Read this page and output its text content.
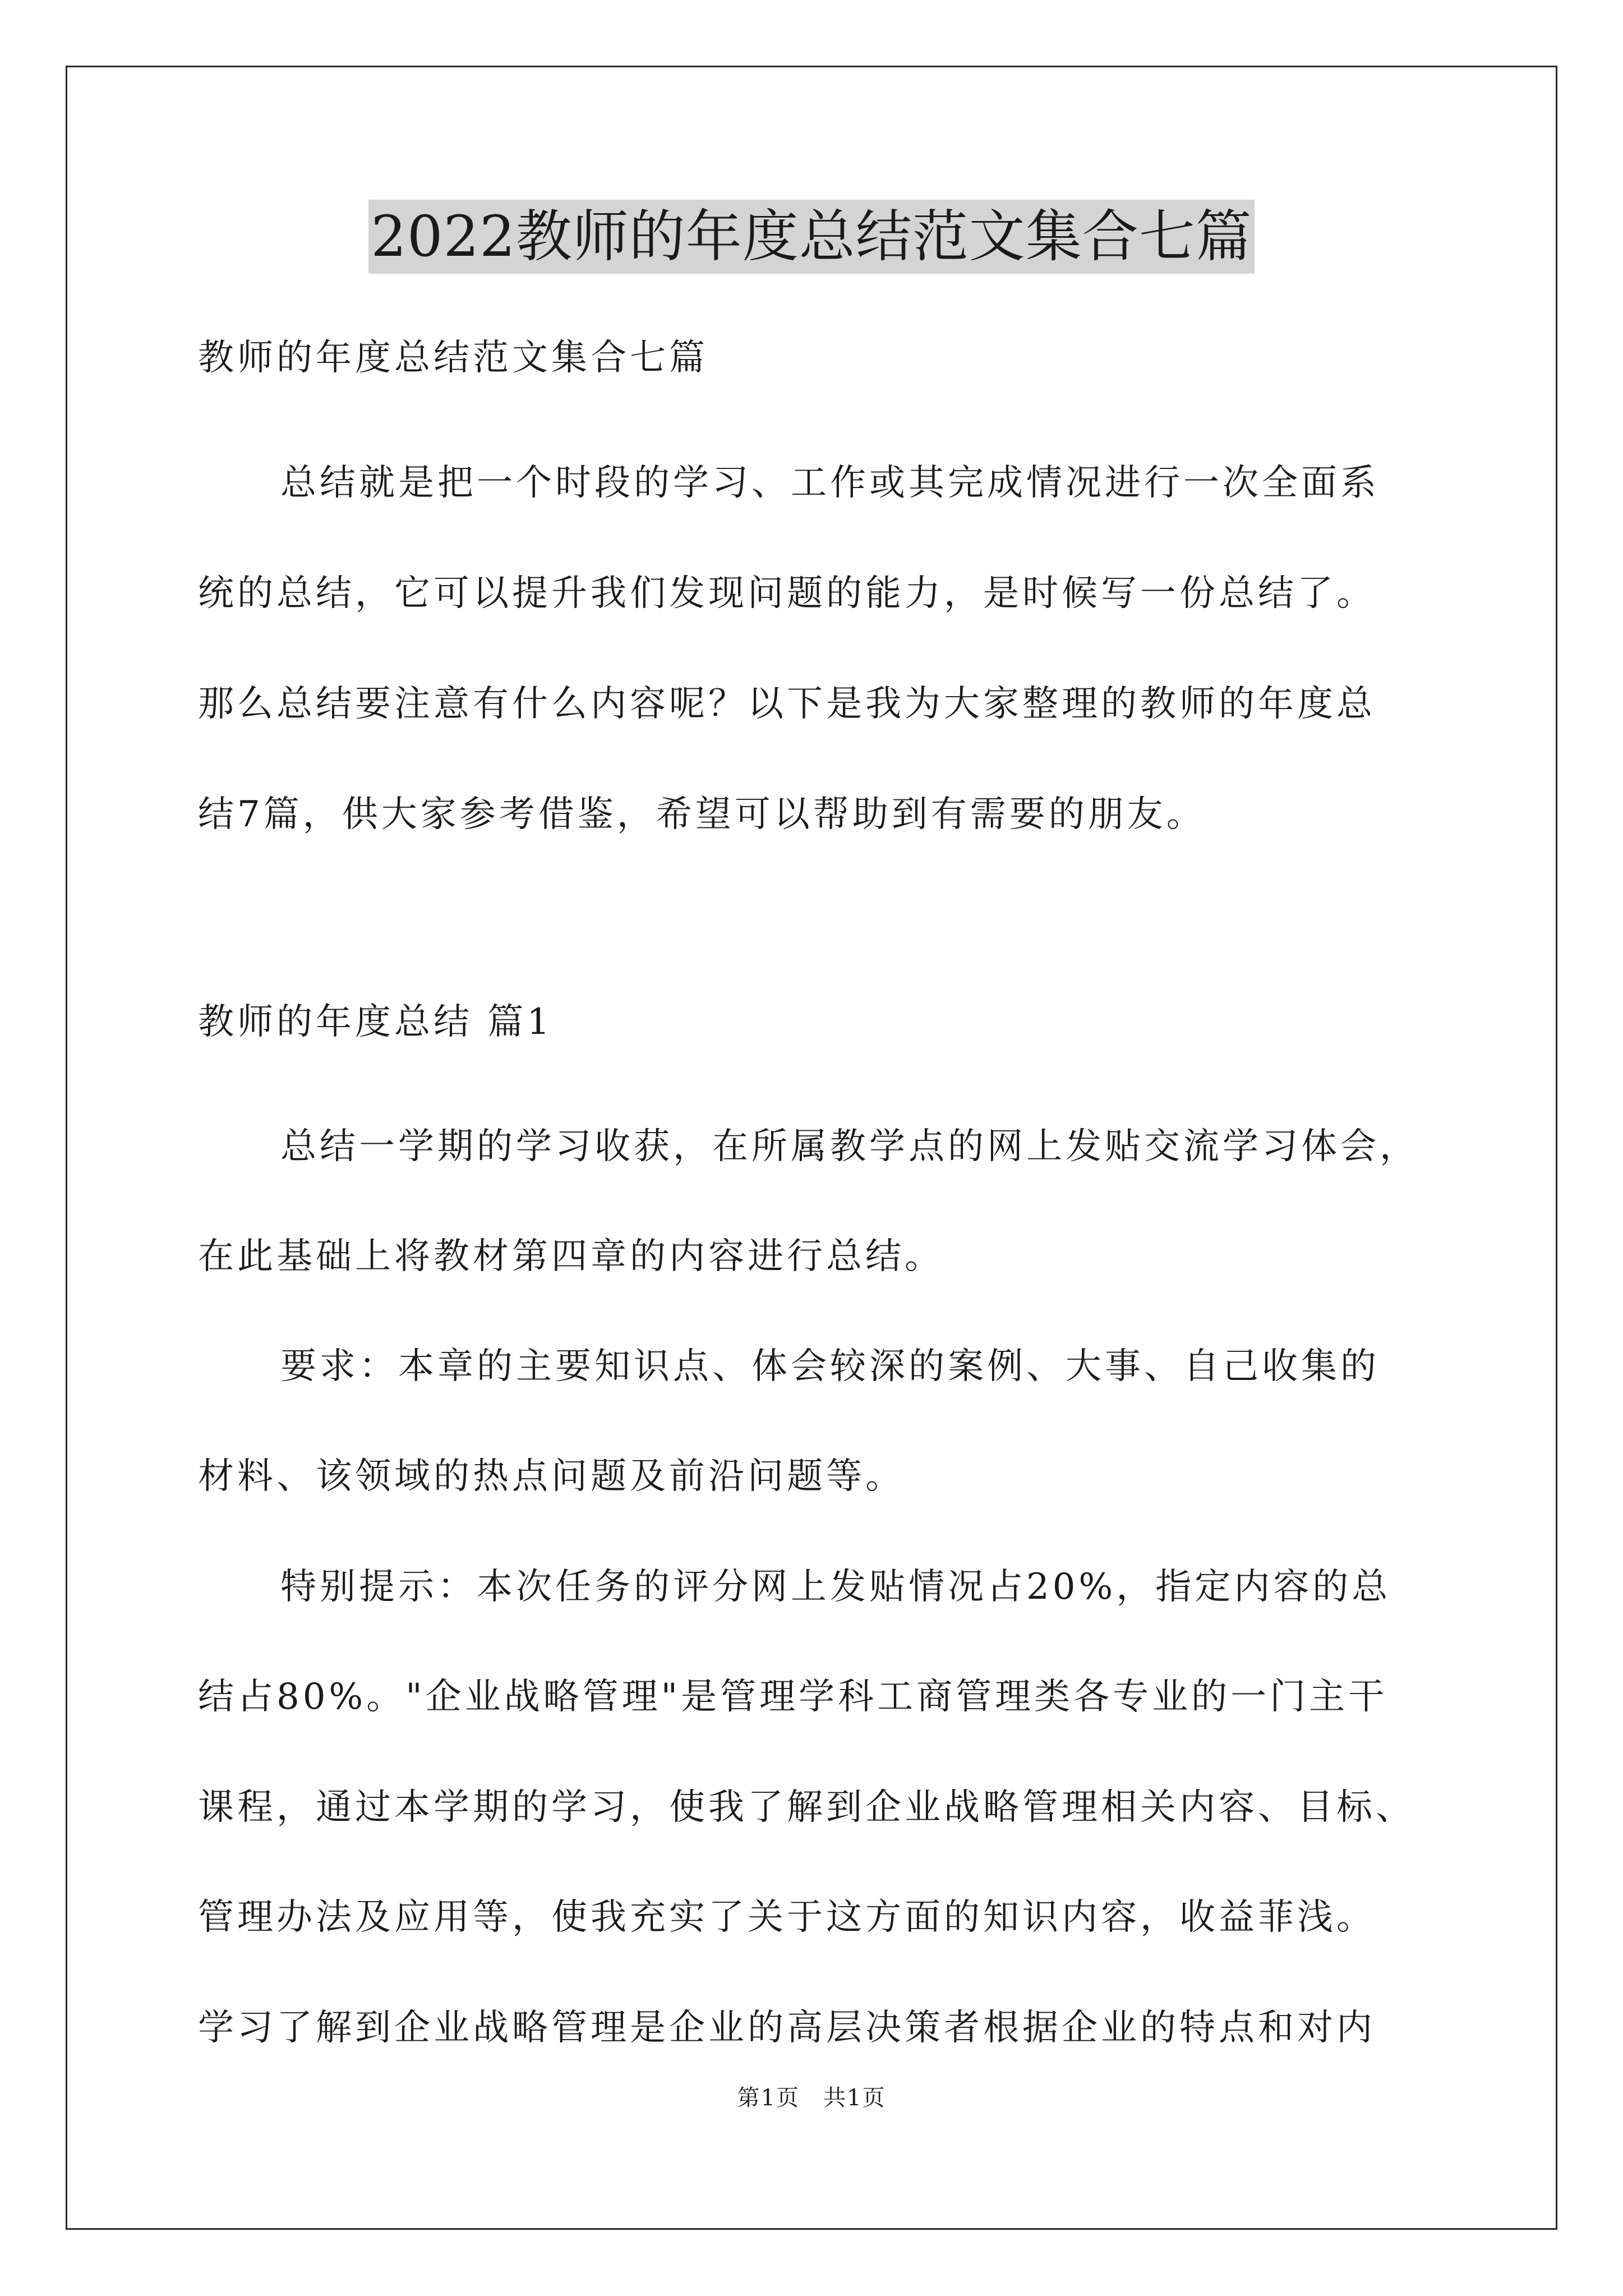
2022教师的年度总结范文集合七篇

教师的年度总结范文集合七篇

总结就是把一个时段的学习、工作或其完成情况进行一次全面系

统的总结，它可以提升我们发现问题的能力，是时候写一份总结了。

那么总结要注意有什么内容呢？以下是我为大家整理的教师的年度总

结7篇，供大家参考借鉴，希望可以帮助到有需要的朋友。

教师的年度总结 篇1

总结一学期的学习收获，在所属教学点的网上发贴交流学习体会，

在此基础上将教材第四章的内容进行总结。

要求：本章的主要知识点、体会较深的案例、大事、自己收集的

材料、该领域的热点问题及前沿问题等。

特别提示：本次任务的评分网上发贴情况占20%，指定内容的总

结占80%。"企业战略管理"是管理学科工商管理类各专业的一门主干

课程，通过本学期的学习，使我了解到企业战略管理相关内容、目标、

管理办法及应用等，使我充实了关于这方面的知识内容，收益菲浅。

学习了解到企业战略管理是企业的高层决策者根据企业的特点和对内

第1页　共1页
